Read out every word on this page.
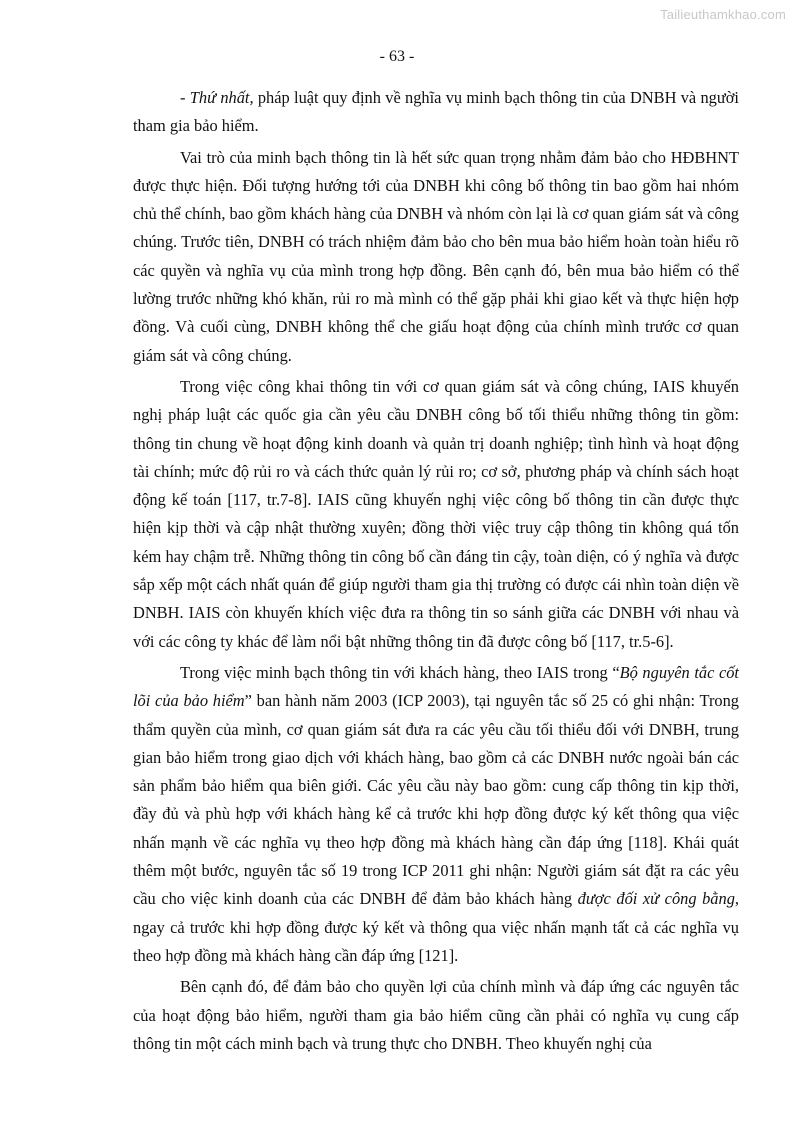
Tailieuthamkhao.com
- 63 -

- Thứ nhất, pháp luật quy định về nghĩa vụ minh bạch thông tin của DNBH và người tham gia bảo hiểm.

Vai trò của minh bạch thông tin là hết sức quan trọng nhằm đảm bảo cho HĐBHNT được thực hiện. Đối tượng hướng tới của DNBH khi công bố thông tin bao gồm hai nhóm chủ thể chính, bao gồm khách hàng của DNBH và nhóm còn lại là cơ quan giám sát và công chúng. Trước tiên, DNBH có trách nhiệm đảm bảo cho bên mua bảo hiểm hoàn toàn hiểu rõ các quyền và nghĩa vụ của mình trong hợp đồng. Bên cạnh đó, bên mua bảo hiểm có thể lường trước những khó khăn, rủi ro mà mình có thể gặp phải khi giao kết và thực hiện hợp đồng. Và cuối cùng, DNBH không thể che giấu hoạt động của chính mình trước cơ quan giám sát và công chúng.

Trong việc công khai thông tin với cơ quan giám sát và công chúng, IAIS khuyến nghị pháp luật các quốc gia cần yêu cầu DNBH công bố tối thiểu những thông tin gồm: thông tin chung về hoạt động kinh doanh và quản trị doanh nghiệp; tình hình và hoạt động tài chính; mức độ rủi ro và cách thức quản lý rủi ro; cơ sở, phương pháp và chính sách hoạt động kế toán [117, tr.7-8]. IAIS cũng khuyến nghị việc công bố thông tin cần được thực hiện kịp thời và cập nhật thường xuyên; đồng thời việc truy cập thông tin không quá tốn kém hay chậm trễ. Những thông tin công bố cần đáng tin cậy, toàn diện, có ý nghĩa và được sắp xếp một cách nhất quán để giúp người tham gia thị trường có được cái nhìn toàn diện về DNBH. IAIS còn khuyến khích việc đưa ra thông tin so sánh giữa các DNBH với nhau và với các công ty khác để làm nổi bật những thông tin đã được công bố [117, tr.5-6].

Trong việc minh bạch thông tin với khách hàng, theo IAIS trong “Bộ nguyên tắc cốt lõi của bảo hiểm” ban hành năm 2003 (ICP 2003), tại nguyên tắc số 25 có ghi nhận: Trong thẩm quyền của mình, cơ quan giám sát đưa ra các yêu cầu tối thiểu đối với DNBH, trung gian bảo hiểm trong giao dịch với khách hàng, bao gồm cả các DNBH nước ngoài bán các sản phẩm bảo hiểm qua biên giới. Các yêu cầu này bao gồm: cung cấp thông tin kịp thời, đầy đủ và phù hợp với khách hàng kể cả trước khi hợp đồng được ký kết thông qua việc nhấn mạnh về các nghĩa vụ theo hợp đồng mà khách hàng cần đáp ứng [118]. Khái quát thêm một bước, nguyên tắc số 19 trong ICP 2011 ghi nhận: Người giám sát đặt ra các yêu cầu cho việc kinh doanh của các DNBH để đảm bảo khách hàng được đối xử công bằng, ngay cả trước khi hợp đồng được ký kết và thông qua việc nhấn mạnh tất cả các nghĩa vụ theo hợp đồng mà khách hàng cần đáp ứng [121].

Bên cạnh đó, để đảm bảo cho quyền lợi của chính mình và đáp ứng các nguyên tắc của hoạt động bảo hiểm, người tham gia bảo hiểm cũng cần phải có nghĩa vụ cung cấp thông tin một cách minh bạch và trung thực cho DNBH. Theo khuyến nghị của
